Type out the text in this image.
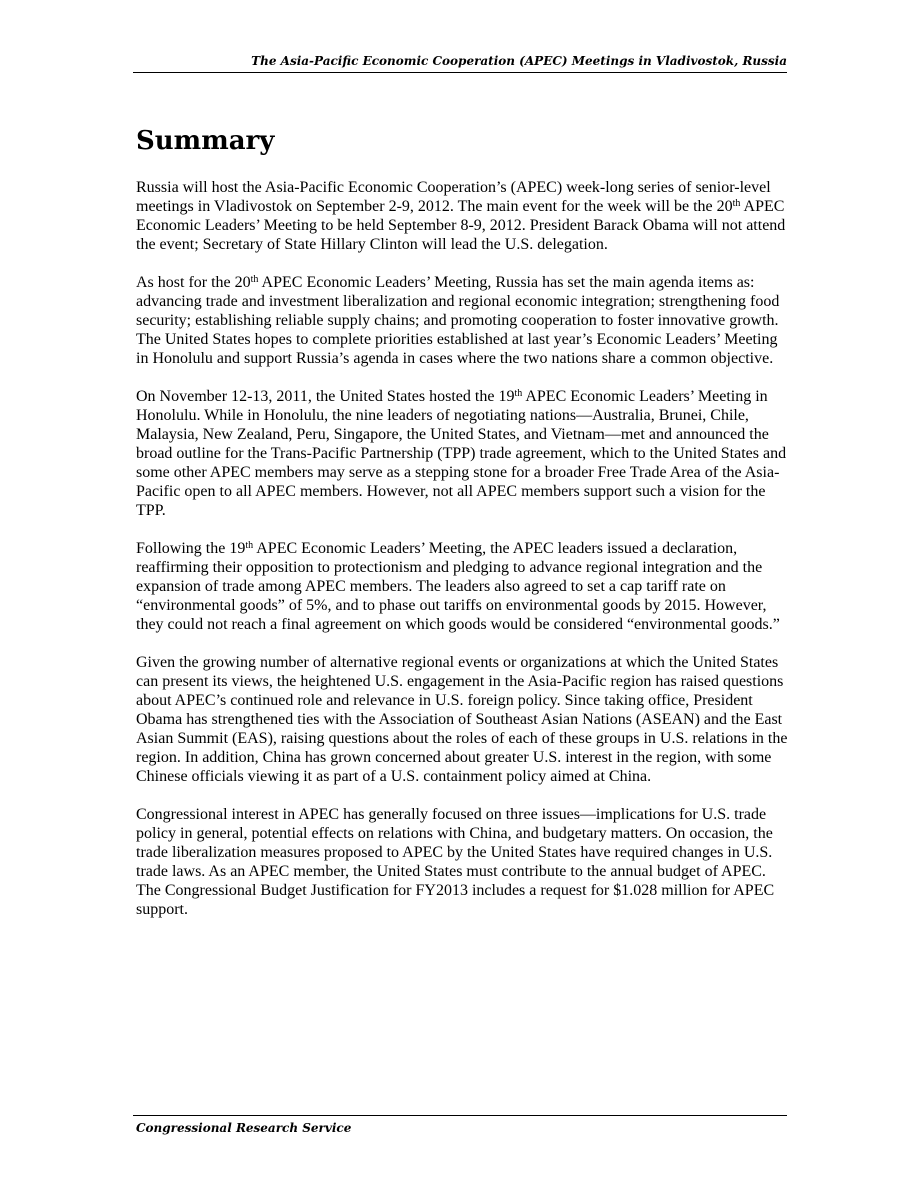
The Asia-Pacific Economic Cooperation (APEC) Meetings in Vladivostok, Russia
Summary

Russia will host the Asia-Pacific Economic Cooperation’s (APEC) week-long series of senior-level meetings in Vladivostok on September 2-9, 2012. The main event for the week will be the 20th APEC Economic Leaders’ Meeting to be held September 8-9, 2012. President Barack Obama will not attend the event; Secretary of State Hillary Clinton will lead the U.S. delegation.

As host for the 20th APEC Economic Leaders’ Meeting, Russia has set the main agenda items as: advancing trade and investment liberalization and regional economic integration; strengthening food security; establishing reliable supply chains; and promoting cooperation to foster innovative growth. The United States hopes to complete priorities established at last year’s Economic Leaders’ Meeting in Honolulu and support Russia’s agenda in cases where the two nations share a common objective.

On November 12-13, 2011, the United States hosted the 19th APEC Economic Leaders’ Meeting in Honolulu. While in Honolulu, the nine leaders of negotiating nations—Australia, Brunei, Chile, Malaysia, New Zealand, Peru, Singapore, the United States, and Vietnam—met and announced the broad outline for the Trans-Pacific Partnership (TPP) trade agreement, which to the United States and some other APEC members may serve as a stepping stone for a broader Free Trade Area of the Asia-Pacific open to all APEC members. However, not all APEC members support such a vision for the TPP.

Following the 19th APEC Economic Leaders’ Meeting, the APEC leaders issued a declaration, reaffirming their opposition to protectionism and pledging to advance regional integration and the expansion of trade among APEC members. The leaders also agreed to set a cap tariff rate on “environmental goods” of 5%, and to phase out tariffs on environmental goods by 2015. However, they could not reach a final agreement on which goods would be considered “environmental goods.”

Given the growing number of alternative regional events or organizations at which the United States can present its views, the heightened U.S. engagement in the Asia-Pacific region has raised questions about APEC’s continued role and relevance in U.S. foreign policy. Since taking office, President Obama has strengthened ties with the Association of Southeast Asian Nations (ASEAN) and the East Asian Summit (EAS), raising questions about the roles of each of these groups in U.S. relations in the region. In addition, China has grown concerned about greater U.S. interest in the region, with some Chinese officials viewing it as part of a U.S. containment policy aimed at China.

Congressional interest in APEC has generally focused on three issues—implications for U.S. trade policy in general, potential effects on relations with China, and budgetary matters. On occasion, the trade liberalization measures proposed to APEC by the United States have required changes in U.S. trade laws. As an APEC member, the United States must contribute to the annual budget of APEC. The Congressional Budget Justification for FY2013 includes a request for $1.028 million for APEC support.

Congressional Research Service
